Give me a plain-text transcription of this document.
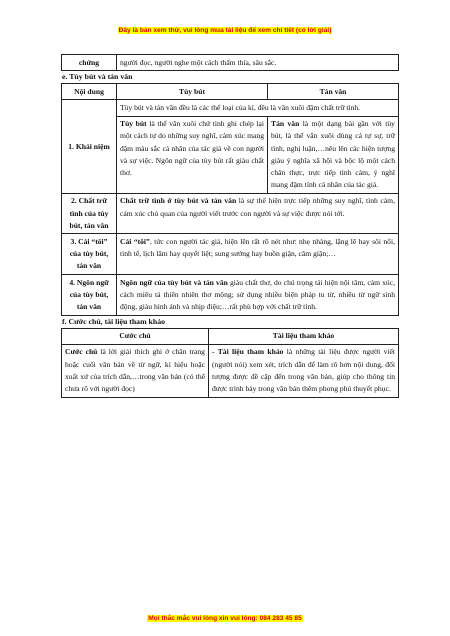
Đây là bản xem thử, vui lòng mua tài liệu để xem chi tiết (có lời giải)
chứng	người đọc, người nghe một cách thấm thía, sâu sắc.

e. Tùy bút và tản văn

Nội dung	Tùy bút	Tản văn
1. Khái niệm	Tùy bút và tản văn đều là các thể loại của kí, đều là văn xuôi đậm chất trữ tình.	
	Tùy bút là thể văn xuôi chứ tình ghi chép lại một cách tự do những suy nghĩ, cảm xúc mang đậm màu sắc cá nhân của tác giả về con người và sự việc. Ngôn ngữ của tùy bút rất giàu chất thơ.	Tản văn là một dạng bài gần với tùy bút, là thể văn xuôi dùng cả tự sự, trữ tình, nghị luận,…nêu lên các hiện tượng giàu ý nghĩa xã hội và bộc lộ một cách chân thực, trực tiếp tình cảm, ý nghĩ mang đậm tính cá nhân của tác giả.
2. Chất trữ tình của tùy bút, tản văn	Chất trữ tình ở tùy bút và tản văn là sự thể hiện trực tiếp những suy nghĩ, tình cảm, cảm xúc chủ quan của người viết trước con người và sự việc được nói tới.	
3. Cái “tôi” của tùy bút, tản văn	Cái “tôi”, tức con người tác giả, hiện lên rất rõ nét như: nhẹ nhàng, lặng lẽ hay sôi nổi, tinh tế, lịch lãm hay quyết liệt; sung sướng hay buồn giận, căm giận;…	
4. Ngôn ngữ của tùy bút, tản văn	Ngôn ngữ của tùy bút và tản văn giàu chất thơ, do chú trọng tái hiện nội tâm, cảm xúc, cách miêu tả thiên nhiên thơ mộng; sử dụng nhiều biện pháp tu từ, nhiều từ ngữ sinh động, giàu hình ảnh và nhịp điệu;…rất phù hợp với chất trữ tình.	

f. Cước chú, tài liệu tham khảo

Cước chú	Tài liệu tham khảo
Cước chú là lời giải thích ghi ở chân trang hoặc cuối văn bản về từ ngữ, kí hiệu hoặc xuất xứ của trích dẫn,…trong văn bản (có thể chưa rõ với người đọc)	- Tài liệu tham khảo là những tài liệu được người viết (người nói) xem xét, trích dẫn để làm rõ hơn nội dung, đối tượng được đề cập đến trong văn bản, giúp cho thông tin được trình bày trong văn bản thêm phong phú thuyết phục.
Mọi thắc mắc vui lòng xin vui lòng: 084 283 45 85
